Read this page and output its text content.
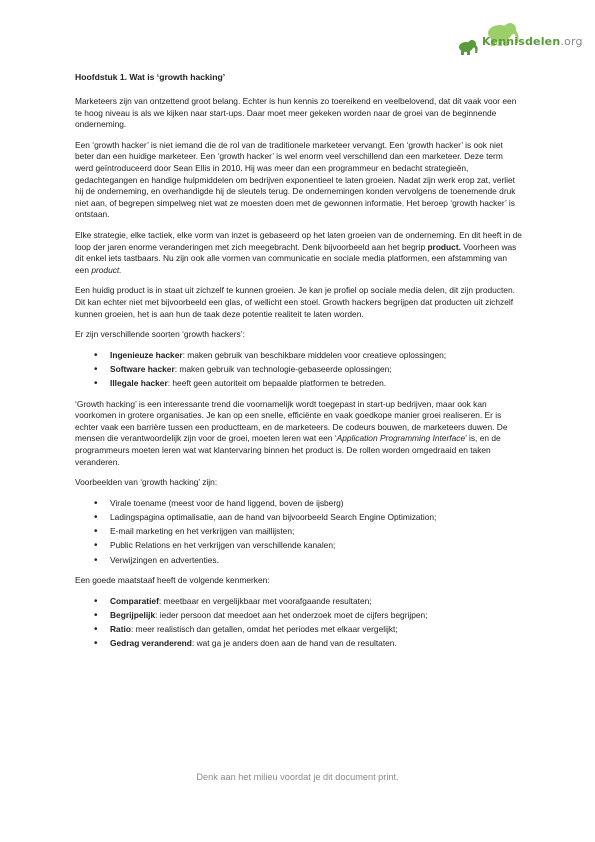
Kennisdelen.org
Hoofdstuk 1. Wat is ‘growth hacking’

Marketeers zijn van ontzettend groot belang. Echter is hun kennis zo toereikend en veelbelovend, dat dit vaak voor een te hoog niveau is als we kijken naar start-ups. Daar moet meer gekeken worden naar de groei van de beginnende onderneming.

Een ‘growth hacker’ is niet iemand die de rol van de traditionele marketeer vervangt. Een ‘growth hacker’ is ook niet beter dan een huidige marketeer. Een ‘growth hacker’ is wel enorm veel verschillend dan een marketeer. Deze term werd geïntroduceerd door Sean Ellis in 2010. Hij was meer dan een programmeur en bedacht strategieën, gedachtegangen en handige hulpmiddelen om bedrijven exponentieel te laten groeien. Nadat zijn werk erop zat, verliet hij de onderneming, en overhandigde hij de sleutels terug. De ondernemingen konden vervolgens de toenemende druk niet aan, of begrepen simpelweg niet wat ze moesten doen met de gewonnen informatie. Het beroep ‘growth hacker’ is ontstaan.

Elke strategie, elke tactiek, elke vorm van inzet is gebaseerd op het laten groeien van de onderneming. En dit heeft in de loop der jaren enorme veranderingen met zich meegebracht. Denk bijvoorbeeld aan het begrip product. Voorheen was dit enkel iets tastbaars. Nu zijn ook alle vormen van communicatie en sociale media platformen, een afstamming van een product.

Een huidig product is in staat uit zichzelf te kunnen groeien. Je kan je profiel op sociale media delen, dit zijn producten. Dit kan echter niet met bijvoorbeeld een glas, of wellicht een stoel. Growth hackers begrijpen dat producten uit zichzelf kunnen groeien, het is aan hun de taak deze potentie realiteit te laten worden.

Er zijn verschillende soorten ‘growth hackers’:

• Ingenieuze hacker: maken gebruik van beschikbare middelen voor creatieve oplossingen;
• Software hacker: maken gebruik van technologie-gebaseerde oplossingen;
• Illegale hacker: heeft geen autoriteit om bepaalde platformen te betreden.

‘Growth hacking’ is een interessante trend die voornamelijk wordt toegepast in start-up bedrijven, maar ook kan voorkomen in grotere organisaties. Je kan op een snelle, efficiënte en vaak goedkope manier groei realiseren. Er is echter vaak een barrière tussen een productteam, en de marketeers. De codeurs bouwen, de marketeers duwen. De mensen die verantwoordelijk zijn voor de groei, moeten leren wat een ‘Application Programming Interface’ is, en de programmeurs moeten leren wat wat klantervaring binnen het product is. De rollen worden omgedraaid en taken veranderen.

Voorbeelden van ‘growth hacking’ zijn:

• Virale toename (meest voor de hand liggend, boven de ijsberg)
• Ladingspagina optimalisatie, aan de hand van bijvoorbeeld Search Engine Optimization;
• E-mail marketing en het verkrijgen van maillijsten;
• Public Relations en het verkrijgen van verschillende kanalen;
• Verwijzingen en advertenties.

Een goede maatstaaf heeft de volgende kenmerken:

• Comparatief: meetbaar en vergelijkbaar met voorafgaande resultaten;
• Begrijpelijk: ieder persoon dat meedoet aan het onderzoek moet de cijfers begrijpen;
• Ratio: meer realistisch dan getallen, omdat het periodes met elkaar vergelijkt;
• Gedrag veranderend: wat ga je anders doen aan de hand van de resultaten.
Denk aan het milieu voordat je dit document print.
